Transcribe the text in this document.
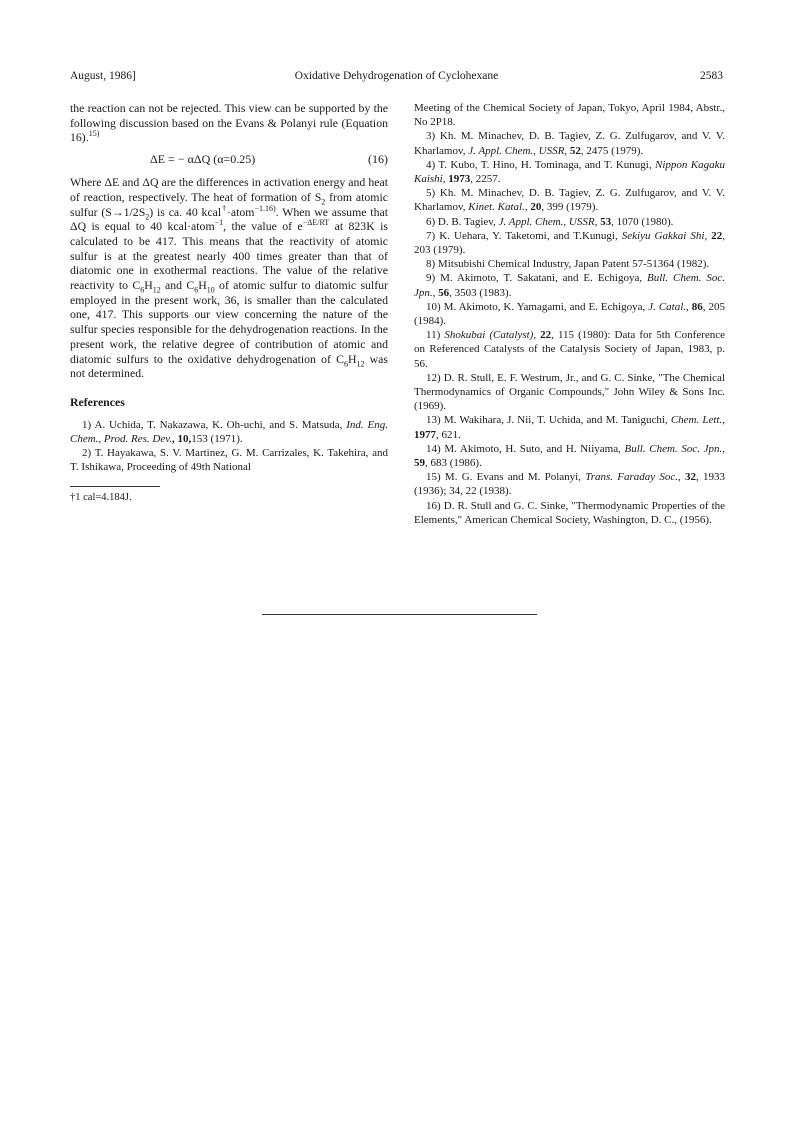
August, 1986]	Oxidative Dehydrogenation of Cyclohexane	2583

the reaction can not be rejected. This view can be supported by the following discussion based on the Evans & Polanyi rule (Equation 16).$^{15)}$

ΔE = − αΔQ (α=0.25)	(16)

Where ΔE and ΔQ are the differences in activation energy and heat of reaction, respectively. The heat of formation of $S_2$ from atomic sulfur $(S\to 1/2S_2)$ is ca. 40 kcal†·atom$^{-1.16)}$. When we assume that ΔQ is equal to 40 kcal·atom$^{-1}$, the value of $e^{-\Delta E/RT}$ at 823K is calculated to be 417. This means that the reactivity of atomic sulfur is at the greatest nearly 400 times greater than that of diatomic one in exothermal reactions. The value of the relative reactivity to $C_6H_{12}$ and $C_6H_{10}$ of atomic sulfur to diatomic sulfur employed in the present work, 36, is smaller than the calculated one, 417. This supports our view concerning the nature of the sulfur species responsible for the dehydrogenation reactions. In the present work, the relative degree of contribution of atomic and diatomic sulfurs to the oxidative dehydrogenation of $C_6H_{12}$ was not determined.

References

1) A. Uchida, T. Nakazawa, K. Oh-uchi, and S. Matsuda, Ind. Eng. Chem., Prod. Res. Dev., 10,153 (1971).

2) T. Hayakawa, S. V. Martinez, G. M. Carrizales, K. Takehira, and T. Ishikawa, Proceeding of 49th National

†1 cal=4.184J.

Meeting of the Chemical Society of Japan, Tokyo, April 1984, Abstr., No 2P18.

3) Kh. M. Minachev, D. B. Tagiev, Z. G. Zulfugarov, and V. V. Kharlamov, J. Appl. Chem., USSR, 52, 2475 (1979).

4) T. Kubo, T. Hino, H. Tominaga, and T. Kunugi, Nippon Kagaku Kaishi, 1973, 2257.

5) Kh. M. Minachev, D. B. Tagiev, Z. G. Zulfugarov, and V. V. Kharlamov, Kinet. Katal., 20, 399 (1979).

6) D. B. Tagiev, J. Appl. Chem., USSR, 53, 1070 (1980).

7) K. Uehara, Y. Taketomi, and T.Kunugi, Sekiyu Gakkai Shi, 22, 203 (1979).

8) Mitsubishi Chemical Industry, Japan Patent 57-51364 (1982).

9) M. Akimoto, T. Sakatani, and E. Echigoya, Bull. Chem. Soc. Jpn., 56, 3503 (1983).

10) M. Akimoto, K. Yamagami, and E. Echigoya, J. Catal., 86, 205 (1984).

11) Shokubai (Catalyst), 22, 115 (1980): Data for 5th Conference on Referenced Catalysts of the Catalysis Society of Japan, 1983, p. 56.

12) D. R. Stull, E. F. Westrum, Jr., and G. C. Sinke, "The Chemical Thermodynamics of Organic Compounds," John Wiley & Sons Inc. (1969).

13) M. Wakihara, J. Nii, T. Uchida, and M. Taniguchi, Chem. Lett., 1977, 621.

14) M. Akimoto, H. Suto, and H. Niiyama, Bull. Chem. Soc. Jpn., 59, 683 (1986).

15) M. G. Evans and M. Polanyi, Trans. Faraday Soc., 32, 1933 (1936); 34, 22 (1938).

16) D. R. Stull and G. C. Sinke, "Thermodynamic Properties of the Elements," American Chemical Society, Washington, D. C., (1956).
